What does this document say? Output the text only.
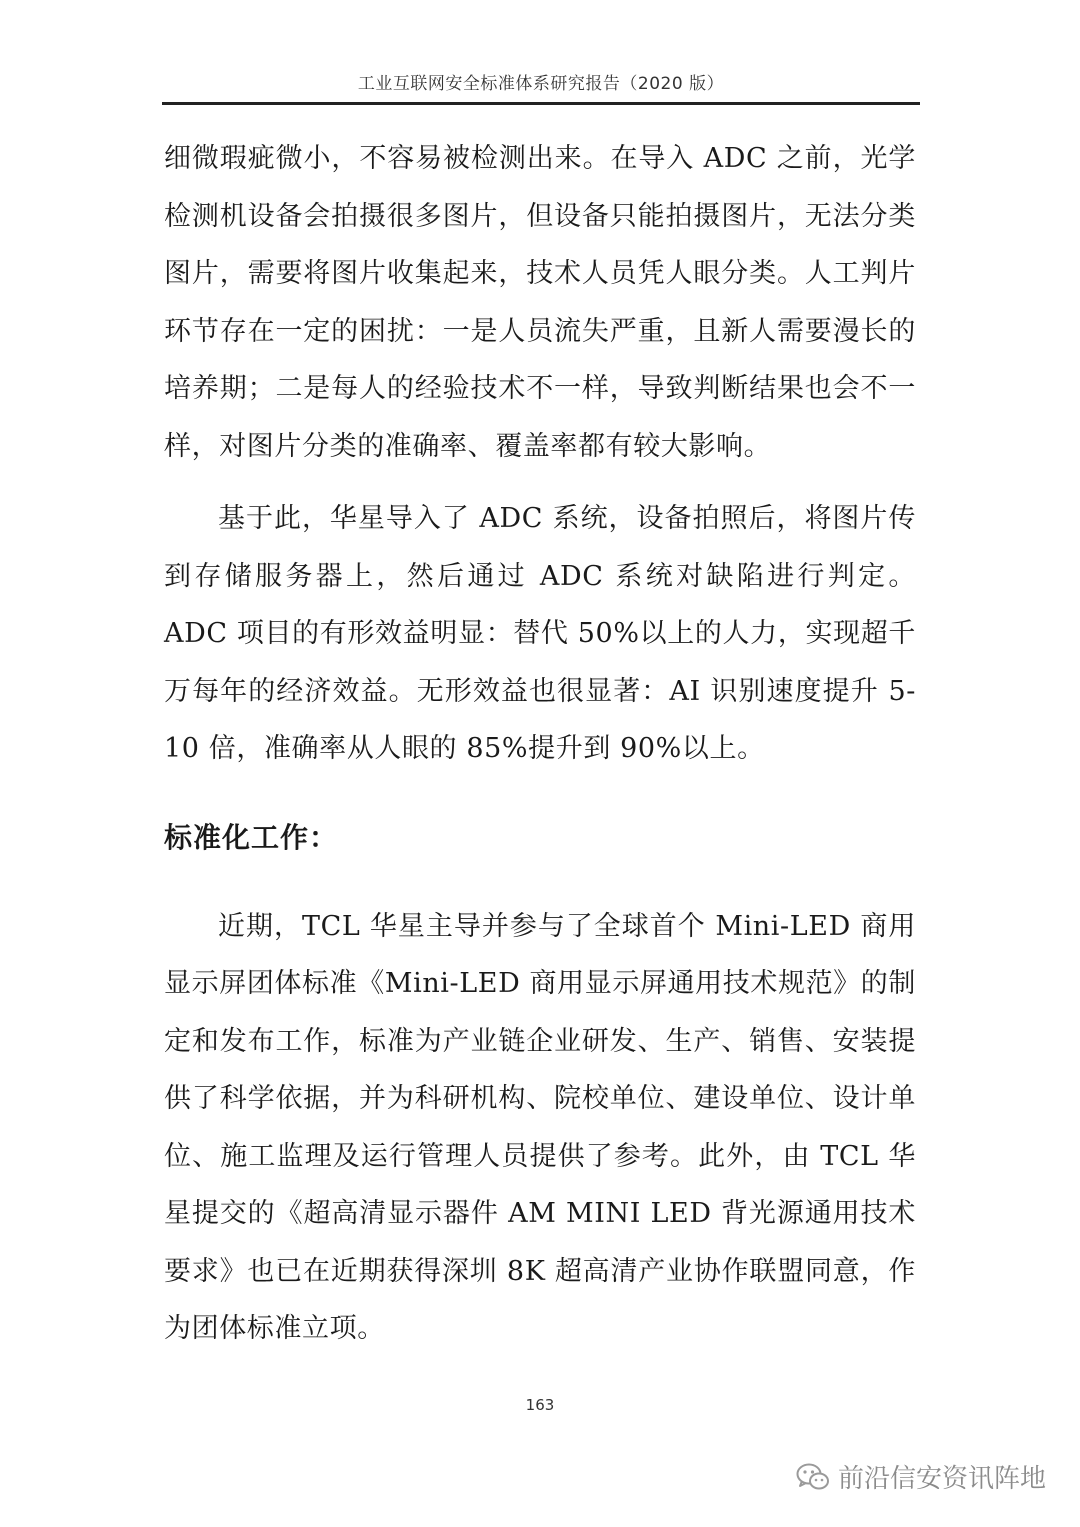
工业互联网安全标准体系研究报告（2020 版）

细微瑕疵微小，不容易被检测出来。在导入 ADC 之前，光学检测机设备会拍摄很多图片，但设备只能拍摄图片，无法分类图片，需要将图片收集起来，技术人员凭人眼分类。人工判片环节存在一定的困扰：一是人员流失严重，且新人需要漫长的培养期；二是每人的经验技术不一样，导致判断结果也会不一样，对图片分类的准确率、覆盖率都有较大影响。

基于此，华星导入了 ADC 系统，设备拍照后，将图片传到存储服务器上，然后通过 ADC 系统对缺陷进行判定。ADC 项目的有形效益明显：替代 50%以上的人力，实现超千万每年的经济效益。无形效益也很显著：AI 识别速度提升 5-10 倍，准确率从人眼的 85%提升到 90%以上。

标准化工作：

近期，TCL 华星主导并参与了全球首个 Mini-LED 商用显示屏团体标准《Mini-LED 商用显示屏通用技术规范》的制定和发布工作，标准为产业链企业研发、生产、销售、安装提供了科学依据，并为科研机构、院校单位、建设单位、设计单位、施工监理及运行管理人员提供了参考。此外，由 TCL 华星提交的《超高清显示器件 AM MINI LED 背光源通用技术要求》也已在近期获得深圳 8K 超高清产业协作联盟同意，作为团体标准立项。

163
前沿信安资讯阵地
